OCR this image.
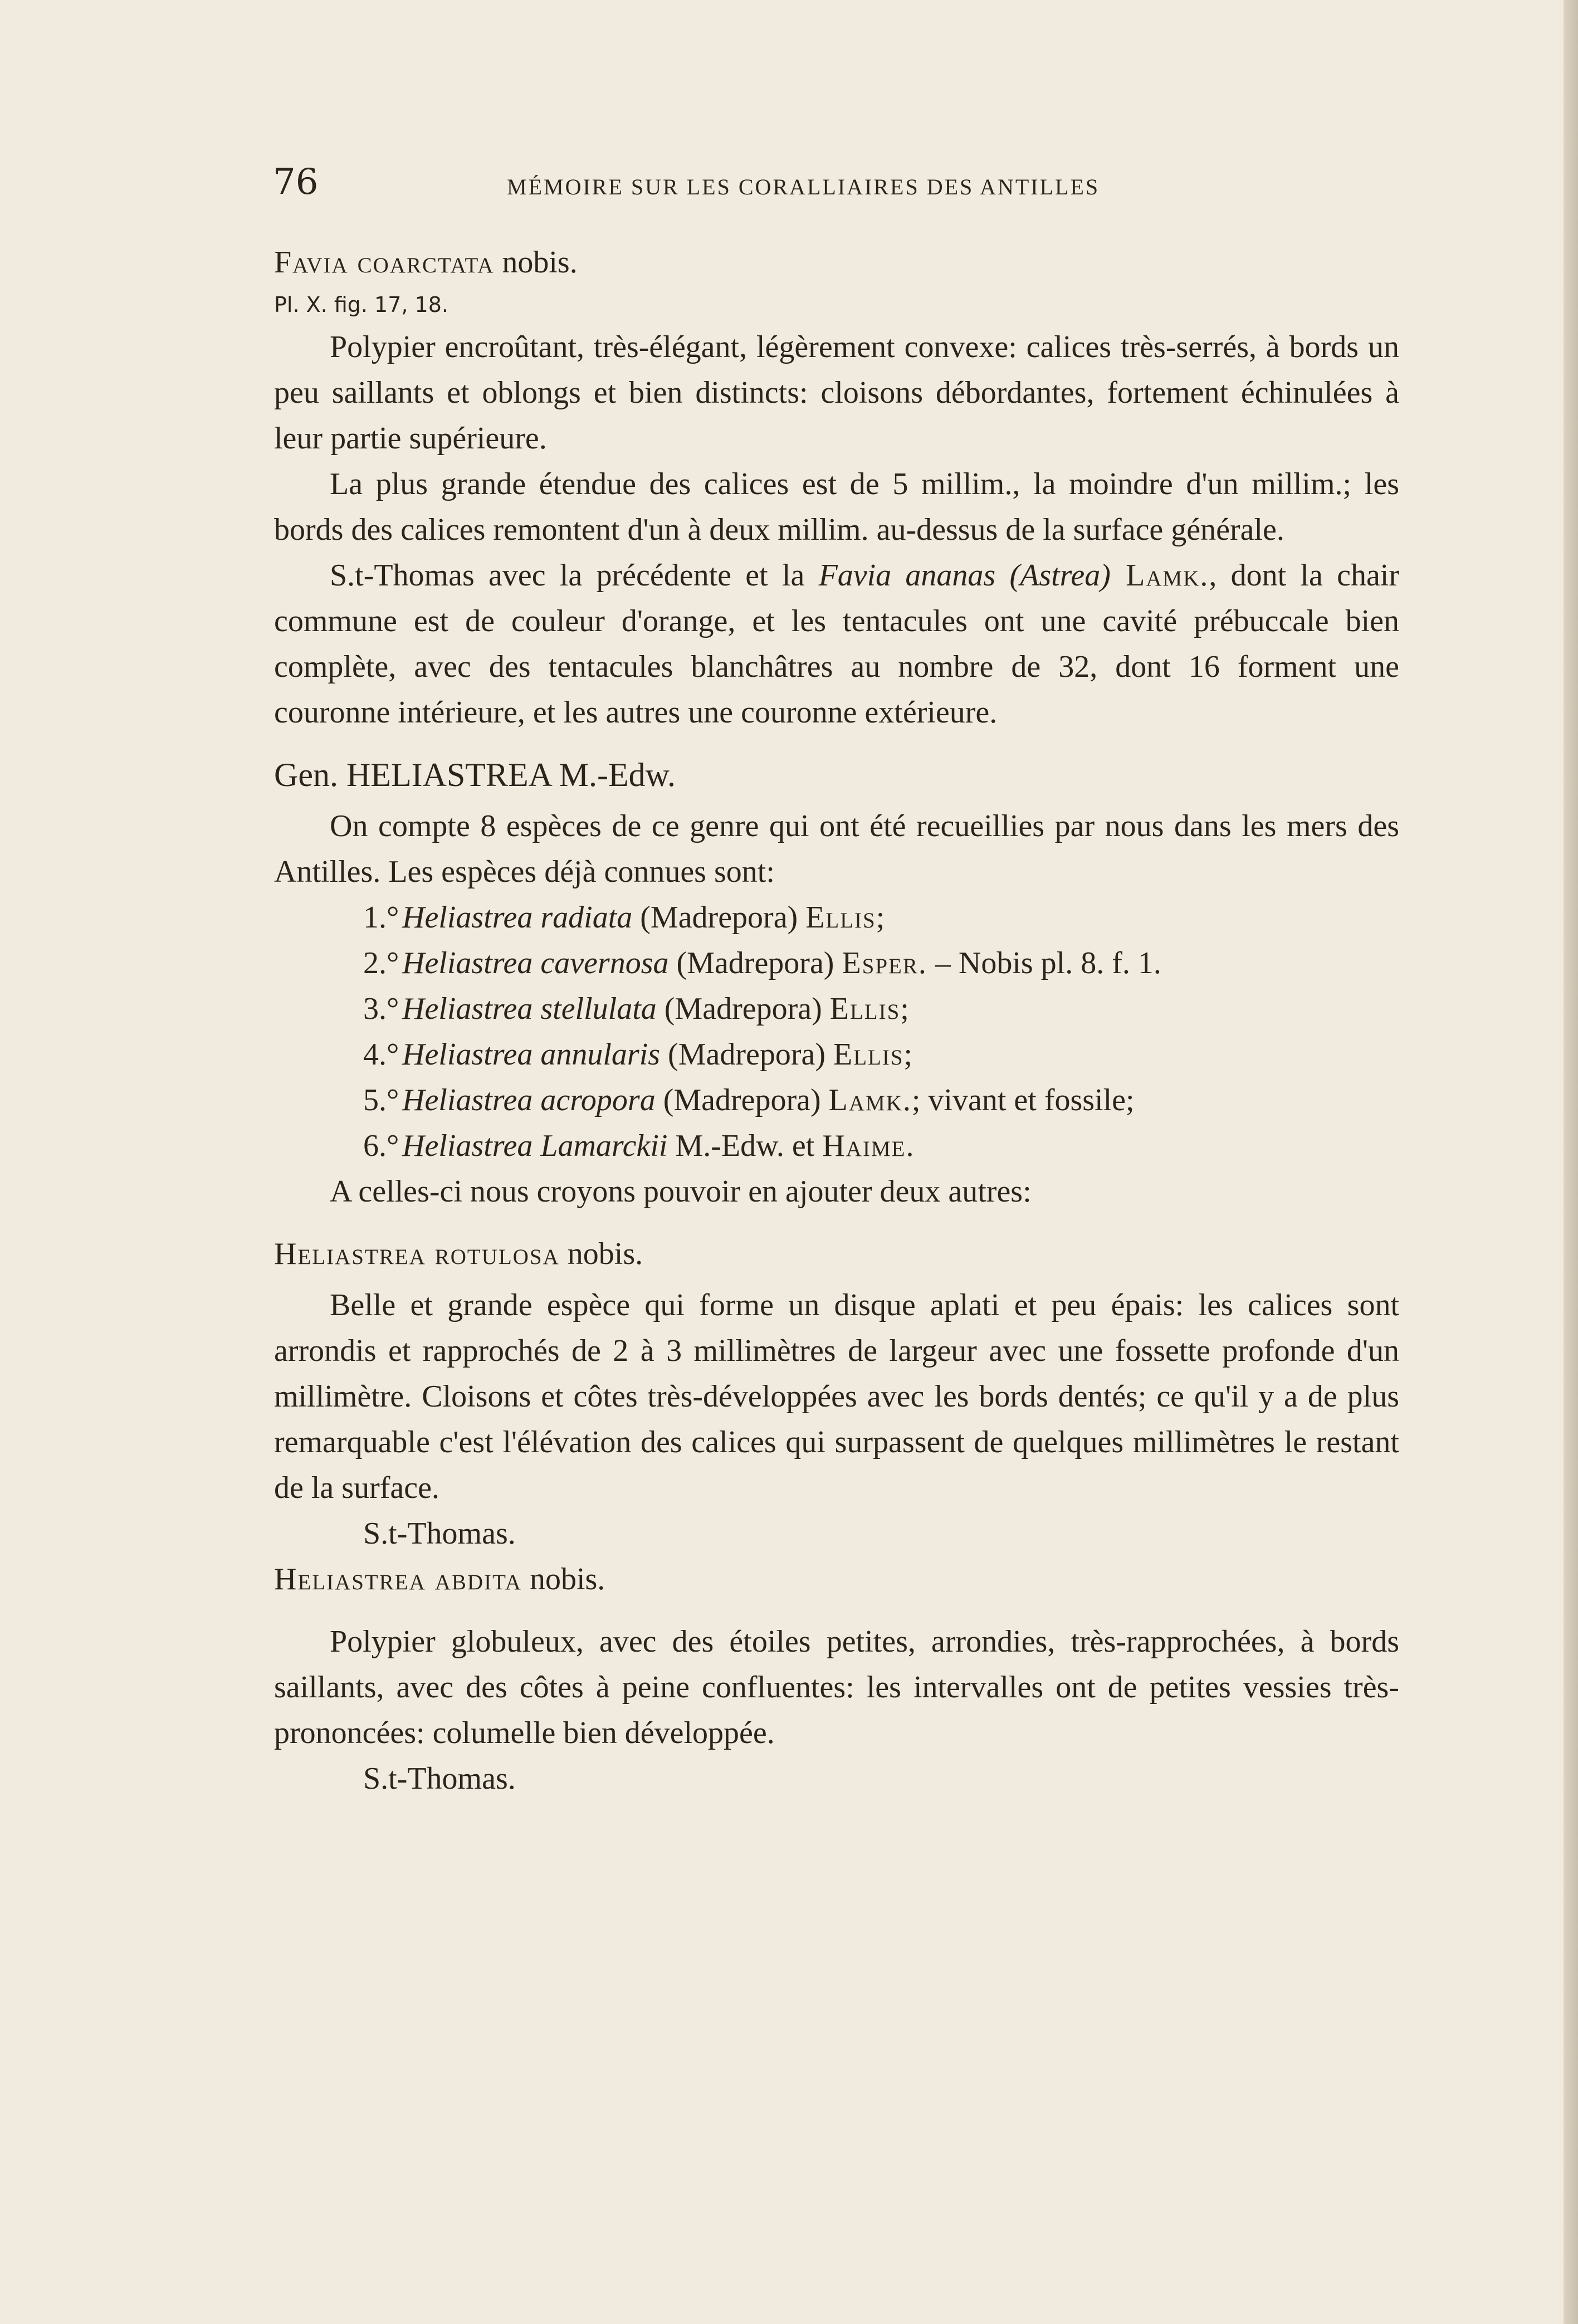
76	MÉMOIRE SUR LES CORALLIAIRES DES ANTILLES

Favia coarctata nobis.

Pl. X. fig. 17, 18.

Polypier encroûtant, très-élégant, légèrement convexe: calices très-serrés, à bords un peu saillants et oblongs et bien distincts: cloisons débordantes, fortement échinulées à leur partie supérieure.

La plus grande étendue des calices est de 5 millim., la moindre d'un millim.; les bords des calices remontent d'un à deux millim. au-dessus de la surface générale.

S.t-Thomas avec la précédente et la Favia ananas (Astrea) Lamk., dont la chair commune est de couleur d'orange, et les tentacules ont une cavité prébuccale bien complète, avec des tentacules blanchâtres au nombre de 32, dont 16 forment une couronne intérieure, et les autres une couronne extérieure.

Gen. HELIASTREA M.-Edw.

On compte 8 espèces de ce genre qui ont été recueillies par nous dans les mers des Antilles. Les espèces déjà connues sont:

1.°Heliastrea radiata (Madrepora) Ellis;
2.°Heliastrea cavernosa (Madrepora) Esper. – Nobis pl. 8. f. 1.
3.°Heliastrea stellulata (Madrepora) Ellis;
4.°Heliastrea annularis (Madrepora) Ellis;
5.°Heliastrea acropora (Madrepora) Lamk.; vivant et fossile;
6.°Heliastrea Lamarckii M.-Edw. et Haime.

A celles-ci nous croyons pouvoir en ajouter deux autres:

Heliastrea rotulosa nobis.

Belle et grande espèce qui forme un disque aplati et peu épais: les calices sont arrondis et rapprochés de 2 à 3 millimètres de largeur avec une fossette profonde d'un millimètre. Cloisons et côtes très-développées avec les bords dentés; ce qu'il y a de plus remarquable c'est l'élévation des calices qui surpassent de quelques millimètres le restant de la surface.

S.t-Thomas.

Heliastrea abdita nobis.

Polypier globuleux, avec des étoiles petites, arrondies, très-rapprochées, à bords saillants, avec des côtes à peine confluentes: les intervalles ont de petites vessies très-prononcées: columelle bien développée.

S.t-Thomas.
